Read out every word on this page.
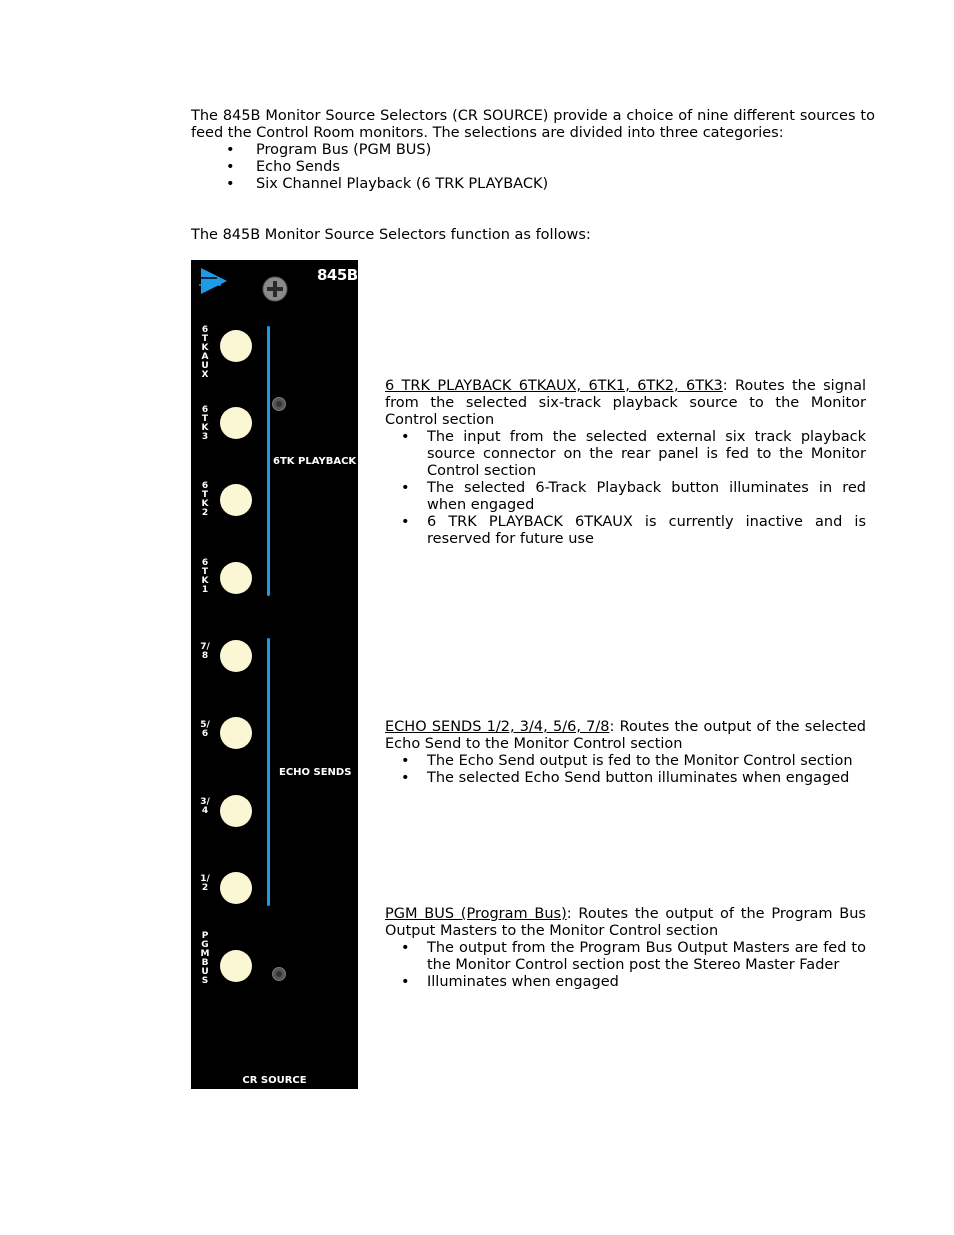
The 845B Monitor Source Selectors (CR SOURCE) provide a choice of nine different sources to feed the Control Room monitors. The selections are divided into three categories:
• Program Bus (PGM BUS)
• Echo Sends
• Six Channel Playback (6 TRK PLAYBACK)
The 845B Monitor Source Selectors function as follows:
845B
6TKAUX
6TK3
6TK2
6TK1
7/8
5/6
3/4
1/2
PGMBUS
6TK PLAYBACK
ECHO SENDS
CR SOURCE
6 TRK PLAYBACK 6TKAUX, 6TK1, 6TK2, 6TK3: Routes the signal from the selected six-track playback source to the Monitor Control section
• The input from the selected external six track playback source connector on the rear panel is fed to the Monitor Control section
• The selected 6-Track Playback button illuminates in red when engaged
• 6 TRK PLAYBACK 6TKAUX is currently inactive and is reserved for future use
ECHO SENDS 1/2, 3/4, 5/6, 7/8: Routes the output of the selected Echo Send to the Monitor Control section
• The Echo Send output is fed to the Monitor Control section
• The selected Echo Send button illuminates when engaged
PGM BUS (Program Bus): Routes the output of the Program Bus Output Masters to the Monitor Control section
• The output from the Program Bus Output Masters are fed to the Monitor Control section post the Stereo Master Fader
• Illuminates when engaged
